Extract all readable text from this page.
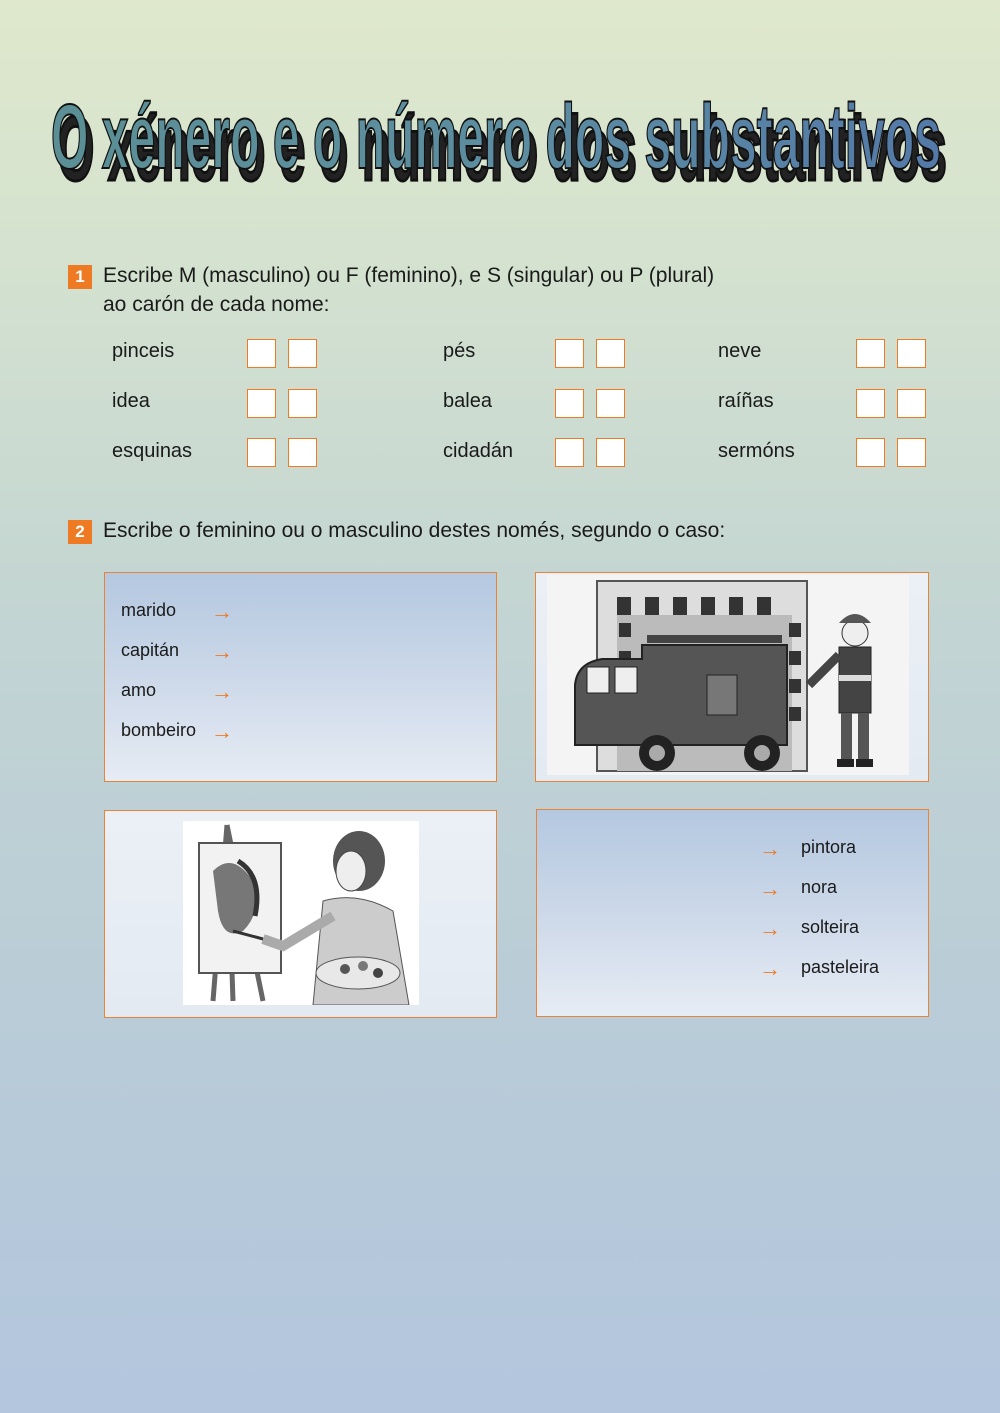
O xénero e o número dos substantivos
O xénero e o número dos substantivos
1 Escribe M (masculino) ou F (feminino), e S (singular) ou P (plural)
ao carón de cada nome:
pinceis	pés	neve
idea	balea	raíñas
esquinas	cidadán	sermóns
2 Escribe o feminino ou o masculino destes només, segundo o caso:
marido →
capitán →
amo →
bombeiro →
→ pintora
→ nora
→ solteira
→ pasteleira
